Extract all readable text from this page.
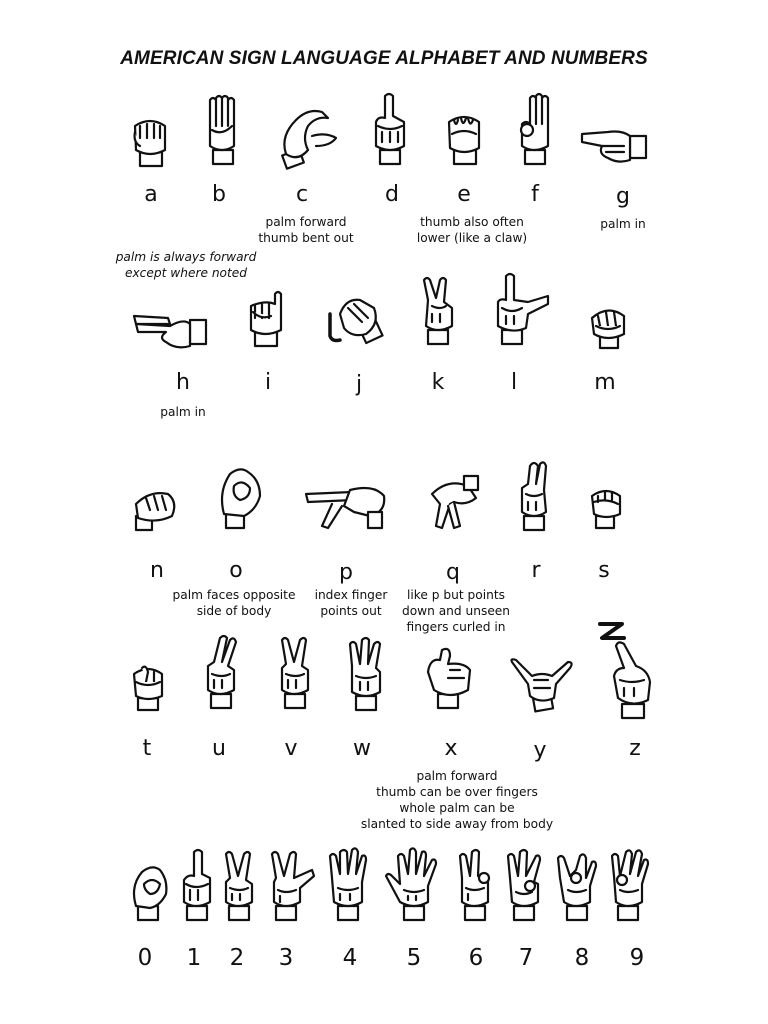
AMERICAN SIGN LANGUAGE ALPHABET AND NUMBERS
a b	c	d	e	f	g
palm forward
thumb bent out
thumb also often
lower (like a claw)
palm in
palm is always forward
except where noted
h	i	j	k	l	m
palm in
n	o	p	q	r	s
palm faces opposite
side of body
index finger
points out
like p but points
down and unseen
fingers curled in
t	u	v	w	x	y	z
palm forward
thumb can be over fingers
whole palm can be
slanted to side away from body
0 1 2 3 4 5 6 7 8 9
